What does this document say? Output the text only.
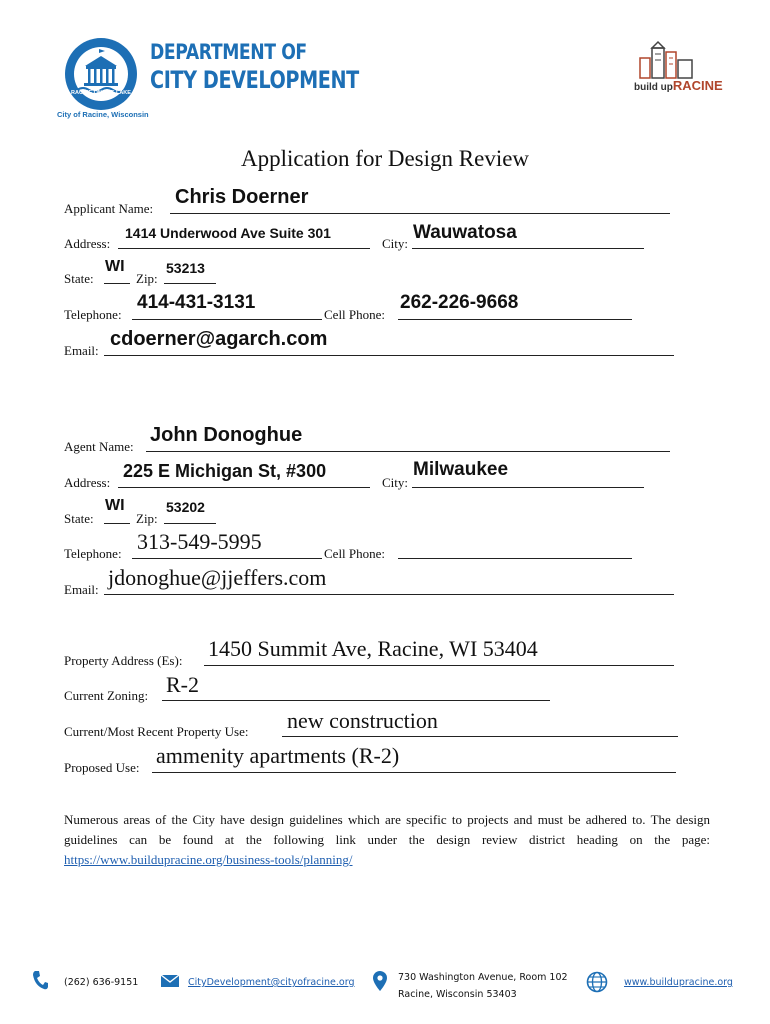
RACINE ON THE LAKE
DEPARTMENT OF
CITY DEVELOPMENT
City of Racine, Wisconsin
build upRACINE
Application for Design Review
Applicant Name:
Chris Doerner
Address:
1414 Underwood Ave Suite 301
City:
Wauwatosa
State:
WI
Zip:
53213
Telephone:
414-431-3131
Cell Phone:
262-226-9668
Email:
cdoerner@agarch.com
Agent Name:
John Donoghue
Address:
225 E Michigan St, #300
City:
Milwaukee
State:
WI
Zip:
53202
Telephone: 313-549-5995	Cell Phone:
Email: jdonoghue@jjeffers.com
Property Address (Es): 1450 Summit Ave, Racine, WI 53404
Current Zoning: R-2
Current/Most Recent Property Use: new construction
Proposed Use: ammenity apartments (R-2)
Numerous areas of the City have design guidelines which are specific to projects and must be adhered to. The design guidelines can be found at the following link under the design review district heading on the page: https://www.buildupracine.org/business-tools/planning/
(262) 636-9151	CityDevelopment@cityofracine.org	730 Washington Avenue, Room 102
Racine, Wisconsin 53403
www.buildupracine.org
